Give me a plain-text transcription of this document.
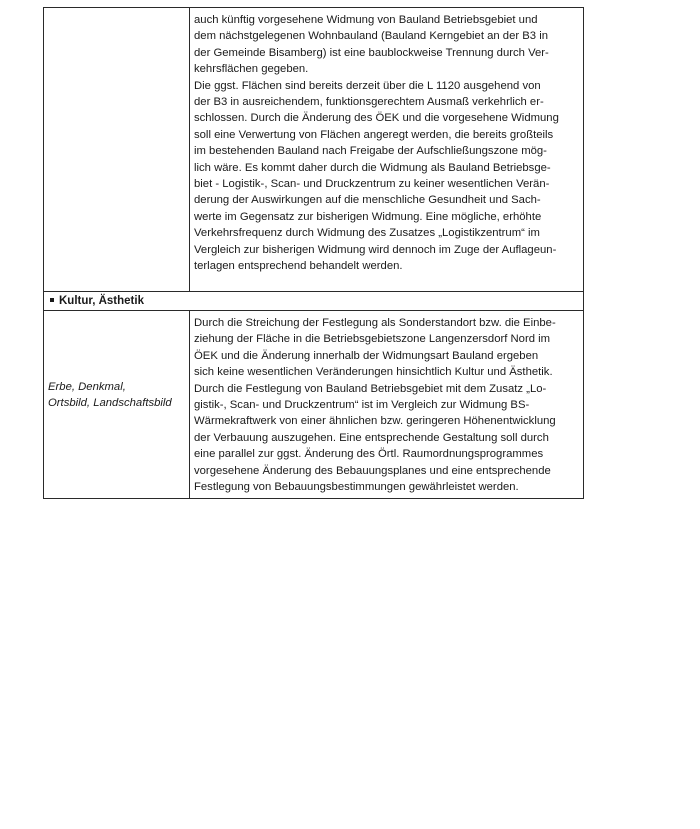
auch künftig vorgesehene Widmung von Bauland Betriebsgebiet und
dem nächstgelegenen Wohnbauland (Bauland Kerngebiet an der B3 in
der Gemeinde Bisamberg) ist eine baublockweise Trennung durch Ver-
kehrsflächen gegeben.
Die ggst. Flächen sind bereits derzeit über die L 1120 ausgehend von
der B3 in ausreichendem, funktionsgerechtem Ausmaß verkehrlich er-
schlossen. Durch die Änderung des ÖEK und die vorgesehene Widmung
soll eine Verwertung von Flächen angeregt werden, die bereits großteils
im bestehenden Bauland nach Freigabe der Aufschließungszone mög-
lich wäre. Es kommt daher durch die Widmung als Bauland Betriebsge-
biet - Logistik-, Scan- und Druckzentrum zu keiner wesentlichen Verän-
derung der Auswirkungen auf die menschliche Gesundheit und Sach-
werte im Gegensatz zur bisherigen Widmung. Eine mögliche, erhöhte
Verkehrsfrequenz durch Widmung des Zusatzes „Logistikzentrum“ im
Vergleich zur bisherigen Widmung wird dennoch im Zuge der Auflageun-
terlagen entsprechend behandelt werden.

Kultur, Ästhetik
Erbe, Denkmal,
Ortsbild, Landschaftsbild

Durch die Streichung der Festlegung als Sonderstandort bzw. die Einbe-
ziehung der Fläche in die Betriebsgebietszone Langenzersdorf Nord im
ÖEK und die Änderung innerhalb der Widmungsart Bauland ergeben
sich keine wesentlichen Veränderungen hinsichtlich Kultur und Ästhetik.
Durch die Festlegung von Bauland Betriebsgebiet mit dem Zusatz „Lo-
gistik-, Scan- und Druckzentrum“ ist im Vergleich zur Widmung BS-
Wärmekraftwerk von einer ähnlichen bzw. geringeren Höhenentwicklung
der Verbauung auszugehen. Eine entsprechende Gestaltung soll durch
eine parallel zur ggst. Änderung des Örtl. Raumordnungsprogrammes
vorgesehene Änderung des Bebauungsplanes und eine entsprechende
Festlegung von Bebauungsbestimmungen gewährleistet werden.
